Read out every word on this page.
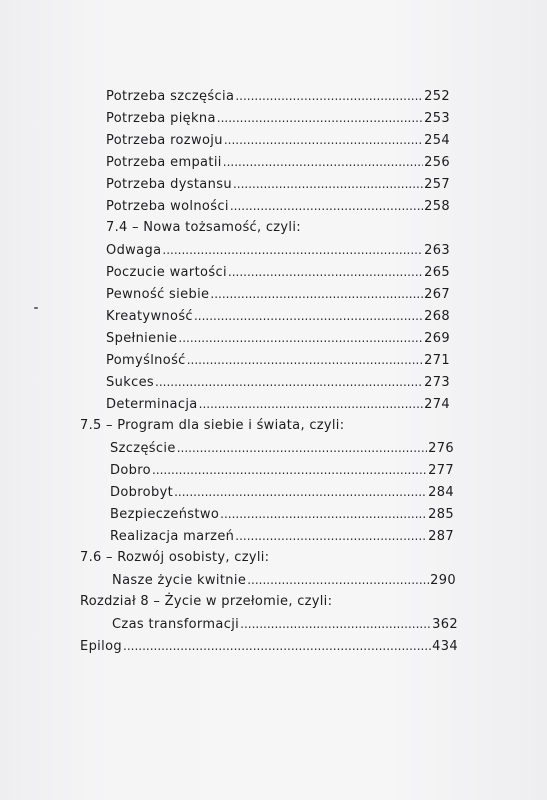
Potrzeba szczęścia .....	252
Potrzeba piękna .....	253
Potrzeba rozwoju .....	254
Potrzeba empatii .....	256
Potrzeba dystansu .....	257
Potrzeba wolności .....	258
7.4 – Nowa tożsamość, czyli:
Odwaga .....	263
Poczucie wartości .....	265
Pewność siebie .....	267
Kreatywność .....	268
Spełnienie .....	269
Pomyślność .....	271
Sukces .....	273
Determinacja .....	274
7.5 – Program dla siebie i świata, czyli:
Szczęście .....	276
Dobro .....	277
Dobrobyt .....	284
Bezpieczeństwo .....	285
Realizacja marzeń .....	287
7.6 – Rozwój osobisty, czyli:
Nasze życie kwitnie .....	290
Rozdział 8 – Życie w przełomie, czyli:
Czas transformacji .....	362
Epilog .....	434
